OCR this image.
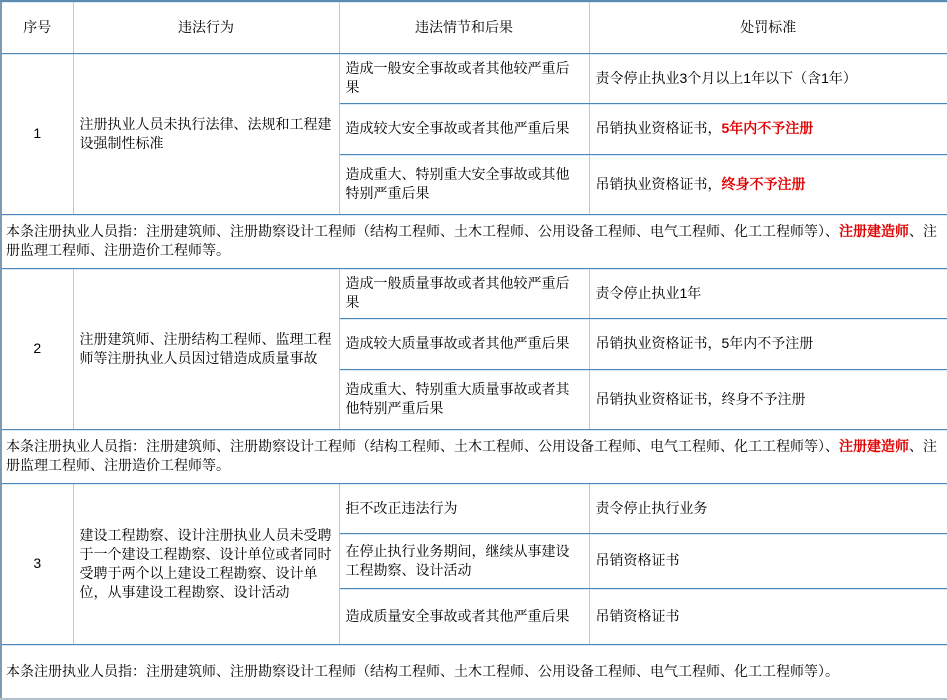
序号	违法行为	违法情节和后果	处罚标准
1	注册执业人员未执行法律、法规和工程建设强制性标准	造成一般安全事故或者其他较严重后果	责令停止执业3个月以上1年以下（含1年）
		造成较大安全事故或者其他严重后果	吊销执业资格证书，5年内不予注册
		造成重大、特别重大安全事故或其他特别严重后果	吊销执业资格证书，终身不予注册
本条注册执业人员指：注册建筑师、注册勘察设计工程师（结构工程师、土木工程师、公用设备工程师、电气工程师、化工工程师等）、注册建造师、注册监理工程师、注册造价工程师等。			
2	注册建筑师、注册结构工程师、监理工程师等注册执业人员因过错造成质量事故	造成一般质量事故或者其他较严重后果	责令停止执业1年
		造成较大质量事故或者其他严重后果	吊销执业资格证书，5年内不予注册
		造成重大、特别重大质量事故或者其他特别严重后果	吊销执业资格证书，终身不予注册
本条注册执业人员指：注册建筑师、注册勘察设计工程师（结构工程师、土木工程师、公用设备工程师、电气工程师、化工工程师等）、注册建造师、注册监理工程师、注册造价工程师等。			
3	建设工程勘察、设计注册执业人员未受聘于一个建设工程勘察、设计单位或者同时受聘于两个以上建设工程勘察、设计单位，从事建设工程勘察、设计活动	拒不改正违法行为	责令停止执行业务
		在停止执行业务期间，继续从事建设工程勘察、设计活动	吊销资格证书
		造成质量安全事故或者其他严重后果	吊销资格证书
本条注册执业人员指：注册建筑师、注册勘察设计工程师（结构工程师、土木工程师、公用设备工程师、电气工程师、化工工程师等）。			
